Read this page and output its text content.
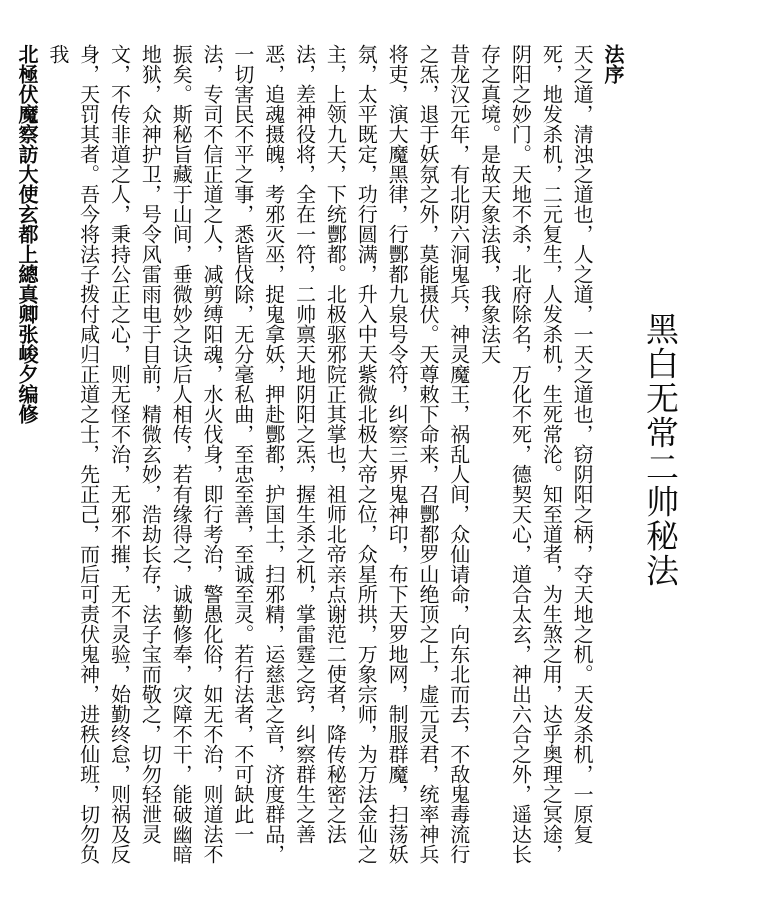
黑白无常二帅秘法
法序
天之道，清浊之道也，人之道，一天之道也，窃阴阳之柄，夺天地之机。天发杀机，一原复
死，地发杀机，二元复生，人发杀机，生死常沦。知至道者，为生煞之用，达乎奥理之冥途，
阴阳之妙门。天地不杀，北府除名，万化不死，德契天心，道合太玄，神出六合之外，遥达长
存之真境。是故天象法我，我象法天
昔龙汉元年，有北阴六洞鬼兵，神灵魔王，祸乱人间，众仙请命，向东北而去，不敌鬼毒流行
之炁，退于妖氛之外，莫能摄伏。天尊敕下命来，召酆都罗山绝顶之上，虚元灵君，统率神兵
将吏，演大魔黑律，行酆都九泉号令符，纠察三界鬼神印，布下天罗地网，制服群魔，扫荡妖
氛，太平既定，功行圆满，升入中天紫微北极大帝之位，众星所拱，万象宗师，为万法金仙之
主，上领九天，下统酆都。北极驱邪院正其掌也，祖师北帝亲点谢范二使者，降传秘密之法
法，差神役将，全在一符，二帅禀天地阴阳之炁，握生杀之机，掌雷霆之窍，纠察群生之善
恶，追魂摄魄，考邪灭巫，捉鬼拿妖，押赴酆都，护国土，扫邪精，运慈悲之音，济度群品，
一切害民不平之事，悉皆伐除，无分毫私曲，至忠至善，至诚至灵。若行法者，不可缺此一
法，专司不信正道之人，减剪缚阳魂，水火伐身，即行考治，警愚化俗，如无不治，则道法不
振矣。斯秘旨藏于山间，垂微妙之诀后人相传，若有缘得之，诚勤修奉，灾障不干，能破幽暗
地狱，众神护卫，号令风雷雨电于目前，精微玄妙，浩劫长存，法子宝而敬之，切勿轻泄灵
文，不传非道之人，秉持公正之心，则无怪不治，无邪不摧，无不灵验，始勤终怠，则祸及反
身，天罚其者。吾今将法子拨付咸归正道之士，先正己，而后可责伏鬼神，进秩仙班，切勿负
我
北極伏魔察訪大使玄都上總真卿张峻夕编修
